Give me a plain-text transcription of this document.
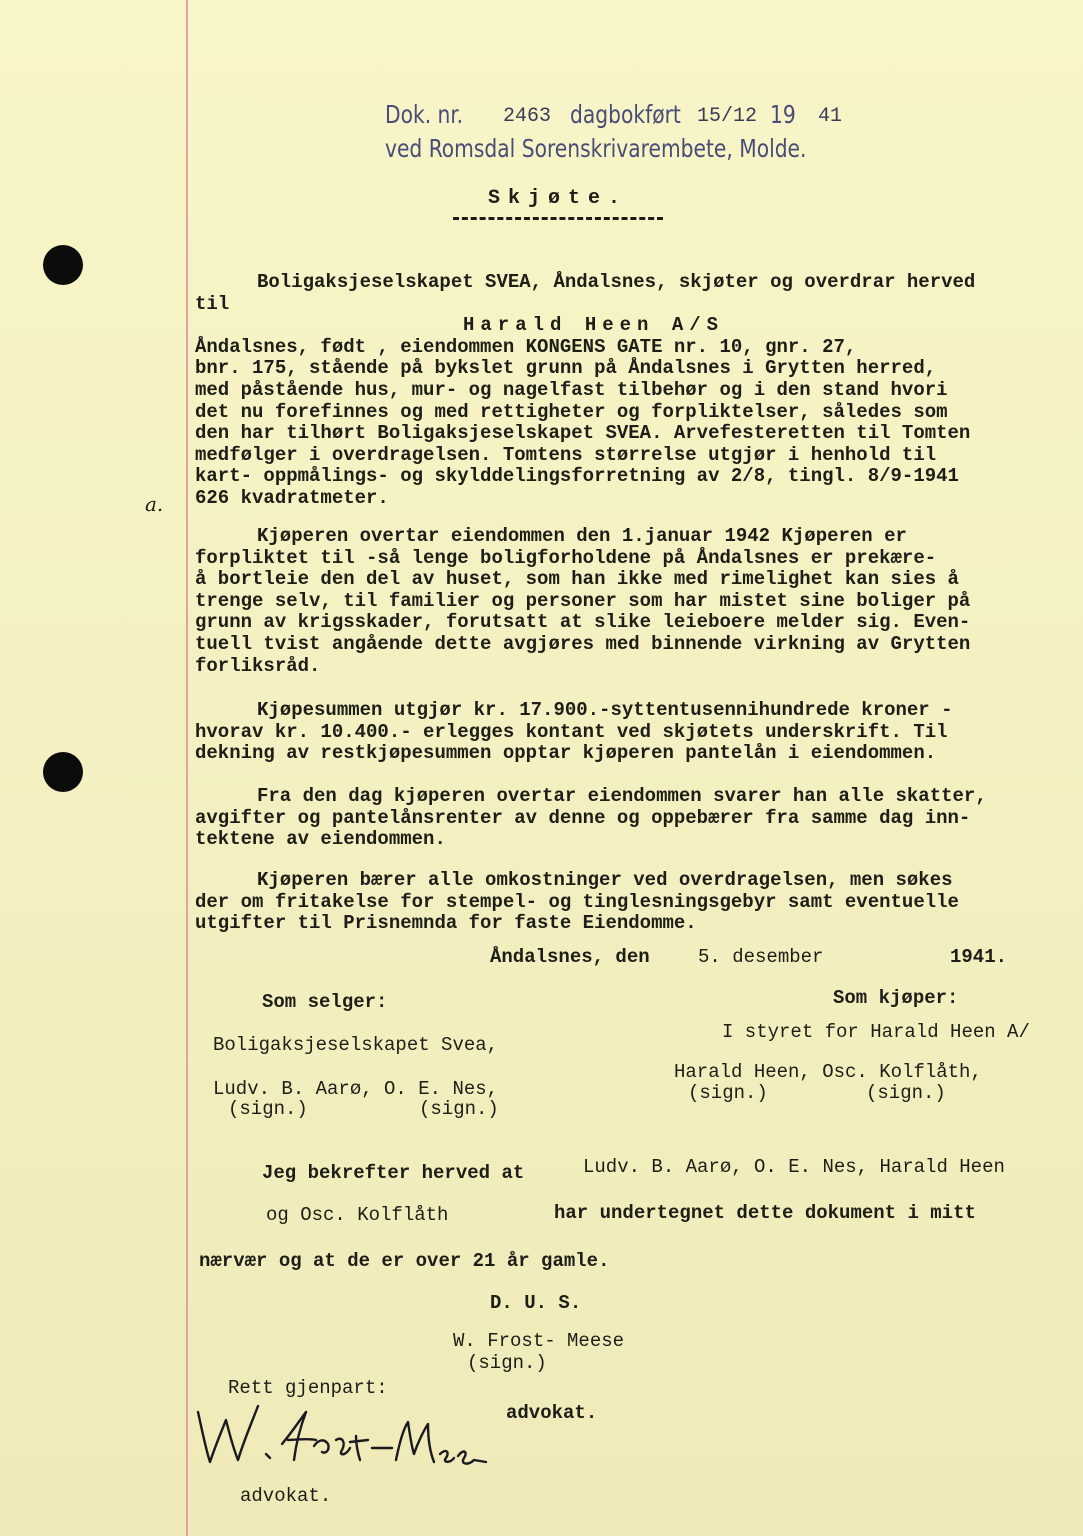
Dok. nr. 2463 dagbokført 15/12 19 41
ved Romsdal Sorenskrivarembete, Molde.
Skjøte.
Boligaksjeselskapet SVEA, Åndalsnes, skjøter og overdrar herved
til
Harald Heen A/S
Åndalsnes, født , eiendommen KONGENS GATE nr. 10, gnr. 27,
bnr. 175, stående på bykslet grunn på Åndalsnes i Grytten herred,
med påstående hus, mur- og nagelfast tilbehør og i den stand hvori
det nu forefinnes og med rettigheter og forpliktelser, således som
den har tilhørt Boligaksjeselskapet SVEA. Arvefesteretten til Tomten
medfølger i overdragelsen. Tomtens størrelse utgjør i henhold til
kart- oppmålings- og skylddelingsforretning av 2/8, tingl. 8/9-1941
626 kvadratmeter.
a.
Kjøperen overtar eiendommen den 1.januar 1942 Kjøperen er
forpliktet til -så lenge boligforholdene på Åndalsnes er prekære-
å bortleie den del av huset, som han ikke med rimelighet kan sies å
trenge selv, til familier og personer som har mistet sine boliger på
grunn av krigsskader, forutsatt at slike leieboere melder sig. Even-
tuell tvist angående dette avgjøres med binnende virkning av Grytten
forliksråd.
Kjøpesummen utgjør kr. 17.900.-syttentusennihundrede kroner -
hvorav kr. 10.400.- erlegges kontant ved skjøtets underskrift. Til
dekning av restkjøpesummen opptar kjøperen pantelån i eiendommen.
Fra den dag kjøperen overtar eiendommen svarer han alle skatter,
avgifter og pantelånsrenter av denne og oppebærer fra samme dag inn-
tektene av eiendommen.
Kjøperen bærer alle omkostninger ved overdragelsen, men søkes
der om fritakelse for stempel- og tinglesningsgebyr samt eventuelle
utgifter til Prisnemnda for faste Eiendomme.
Åndalsnes, den	5. desember	1941.
Som selger:
Boligaksjeselskapet Svea,
Ludv. B. Aarø, O. E. Nes,
(sign.)	(sign.)
Som kjøper:
I styret for Harald Heen A/
Harald Heen, Osc. Kolflåth,
(sign.)	(sign.)
Jeg bekrefter herved at	Ludv. B. Aarø, O. E. Nes, Harald Heen
og Osc. Kolflåth	har undertegnet dette dokument i mitt
nærvær og at de er over 21 år gamle.
D. U. S.
W. Frost- Meese
(sign.)
Rett gjenpart:
advokat.
advokat.
